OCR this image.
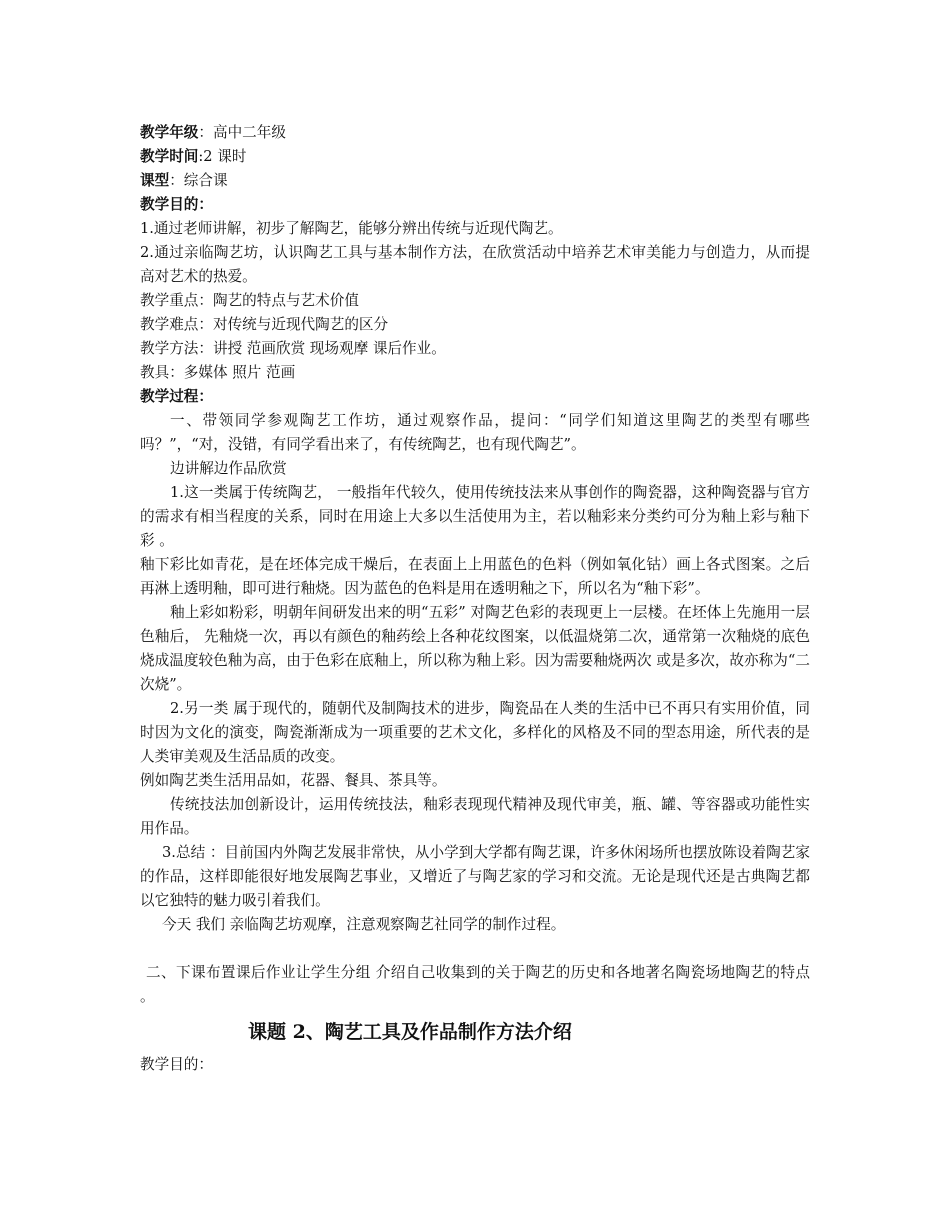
教学年级：高中二年级

教学时间:2 课时

课型：综合课

教学目的：

1.通过老师讲解，初步了解陶艺，能够分辨出传统与近现代陶艺。

2.通过亲临陶艺坊，认识陶艺工具与基本制作方法，在欣赏活动中培养艺术审美能力与创造力，从而提高对艺术的热爱。

教学重点：陶艺的特点与艺术价值

教学难点：对传统与近现代陶艺的区分

教学方法：讲授 范画欣赏 现场观摩 课后作业。

教具：多媒体 照片 范画

教学过程：

一、带领同学参观陶艺工作坊，通过观察作品，提问：“同学们知道这里陶艺的类型有哪些吗？”，“对，没错，有同学看出来了，有传统陶艺，也有现代陶艺”。

边讲解边作品欣赏

1.这一类属于传统陶艺， 一般指年代较久，使用传统技法来从事创作的陶瓷器，这种陶瓷器与官方的需求有相当程度的关系，同时在用途上大多以生活使用为主，若以釉彩来分类约可分为釉上彩与釉下彩 。

釉下彩比如青花，是在坯体完成干燥后，在表面上上用蓝色的色料（例如氧化钴）画上各式图案。之后再淋上透明釉，即可进行釉烧。因为蓝色的色料是用在透明釉之下，所以名为“釉下彩”。

釉上彩如粉彩，明朝年间研发出来的明“五彩” 对陶艺色彩的表现更上一层楼。在坯体上先施用一层色釉后， 先釉烧一次，再以有颜色的釉药绘上各种花纹图案，以低温烧第二次，通常第一次釉烧的底色烧成温度较色釉为高，由于色彩在底釉上，所以称为釉上彩。因为需要釉烧两次 或是多次，故亦称为“二次烧”。

2.另一类 属于现代的，随朝代及制陶技术的进步，陶瓷品在人类的生活中已不再只有实用价值，同时因为文化的演变，陶瓷渐渐成为一项重要的艺术文化，多样化的风格及不同的型态用途，所代表的是人类审美观及生活品质的改变。

例如陶艺类生活用品如，花器、餐具、茶具等。

传统技法加创新设计，运用传统技法，釉彩表现现代精神及现代审美，瓶、罐、等容器或功能性实用作品。

3.总结 ：目前国内外陶艺发展非常快，从小学到大学都有陶艺课，许多休闲场所也摆放陈设着陶艺家的作品，这样即能很好地发展陶艺事业，又增近了与陶艺家的学习和交流。无论是现代还是古典陶艺都以它独特的魅力吸引着我们。

今天 我们 亲临陶艺坊观摩，注意观察陶艺社同学的制作过程。

二、下课布置课后作业让学生分组 介绍自己收集到的关于陶艺的历史和各地著名陶瓷场地陶艺的特点 。

课题 2、陶艺工具及作品制作方法介绍

教学目的：
